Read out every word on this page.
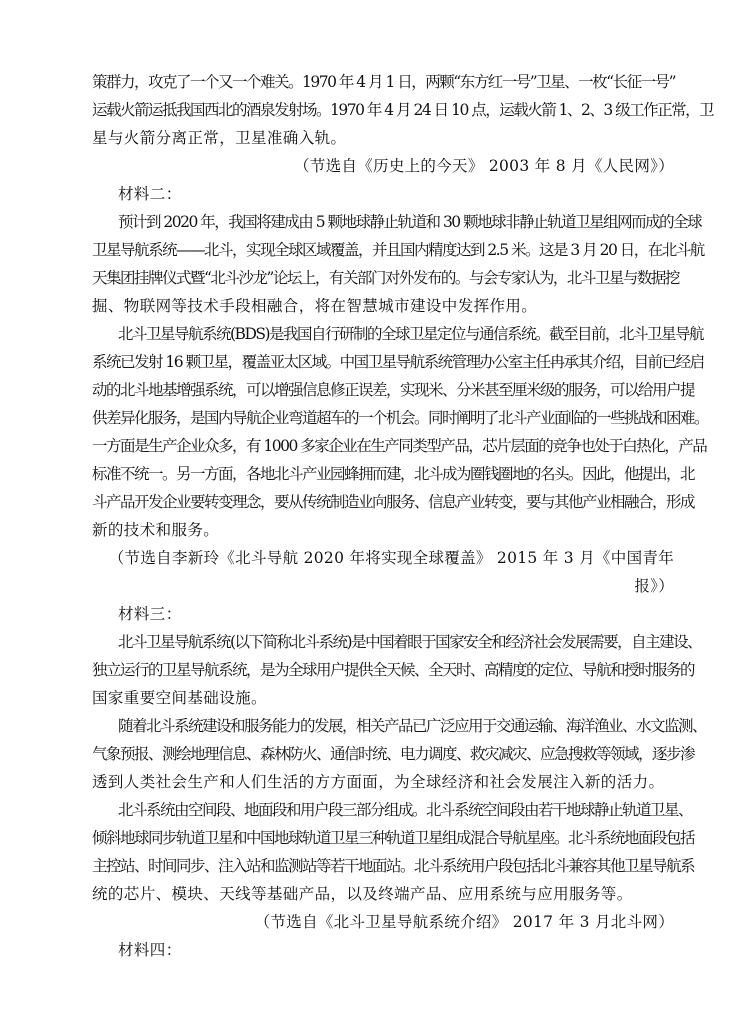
策群力，攻克了一个又一个难关。1970 年 4 月 1 日，两颗“东方红一号”卫星、一枚“长征一号”

运载火箭运抵我国西北的酒泉发射场。1970 年 4 月 24 日 10 点，运载火箭 1、2、3 级工作正常，卫

星与火箭分离正常，卫星准确入轨。

（节选自《历史上的今天》 2003 年 8 月《人民网》）

材料二：

预计到 2020 年，我国将建成由 5 颗地球静止轨道和 30 颗地球非静止轨道卫星组网而成的全球

卫星导航系统——北斗，实现全球区域覆盖，并且国内精度达到 2.5 米。这是 3 月 20 日，在北斗航

天集团挂牌仪式暨“北斗沙龙”论坛上，有关部门对外发布的。与会专家认为，北斗卫星与数据挖

掘、物联网等技术手段相融合，将在智慧城市建设中发挥作用。

北斗卫星导航系统(BDS)是我国自行研制的全球卫星定位与通信系统。截至目前，北斗卫星导航

系统已发射 16 颗卫星，覆盖亚太区域。中国卫星导航系统管理办公室主任冉承其介绍，目前已经启

动的北斗地基增强系统，可以增强信息修正误差，实现米、分米甚至厘米级的服务，可以给用户提

供差异化服务，是国内导航企业弯道超车的一个机会。同时阐明了北斗产业面临的一些挑战和困难。

一方面是生产企业众多，有 1000 多家企业在生产同类型产品，芯片层面的竞争也处于白热化，产品

标准不统一。另一方面，各地北斗产业园蜂拥而建，北斗成为圈钱圈地的名头。因此，他提出，北

斗产品开发企业要转变理念，要从传统制造业向服务、信息产业转变，要与其他产业相融合，形成

新的技术和服务。

（节选自李新玲《北斗导航 2020 年将实现全球覆盖》 2015 年 3 月《中国青年

报》）

材料三：

北斗卫星导航系统(以下简称北斗系统)是中国着眼于国家安全和经济社会发展需要，自主建设、

独立运行的卫星导航系统，是为全球用户提供全天候、全天时、高精度的定位、导航和授时服务的

国家重要空间基础设施。

随着北斗系统建设和服务能力的发展，相关产品已广泛应用于交通运输、海洋渔业、水文监测、

气象预报、测绘地理信息、森林防火、通信时统、电力调度、救灾减灾、应急搜救等领域，逐步渗

透到人类社会生产和人们生活的方方面面，为全球经济和社会发展注入新的活力。

北斗系统由空间段、地面段和用户段三部分组成。北斗系统空间段由若干地球静止轨道卫星、

倾斜地球同步轨道卫星和中国地球轨道卫星三种轨道卫星组成混合导航星座。北斗系统地面段包括

主控站、时间同步、注入站和监测站等若干地面站。北斗系统用户段包括北斗兼容其他卫星导航系

统的芯片、模块、天线等基础产品，以及终端产品、应用系统与应用服务等。

（节选自《北斗卫星导航系统介绍》 2017 年 3 月北斗网）

材料四：
